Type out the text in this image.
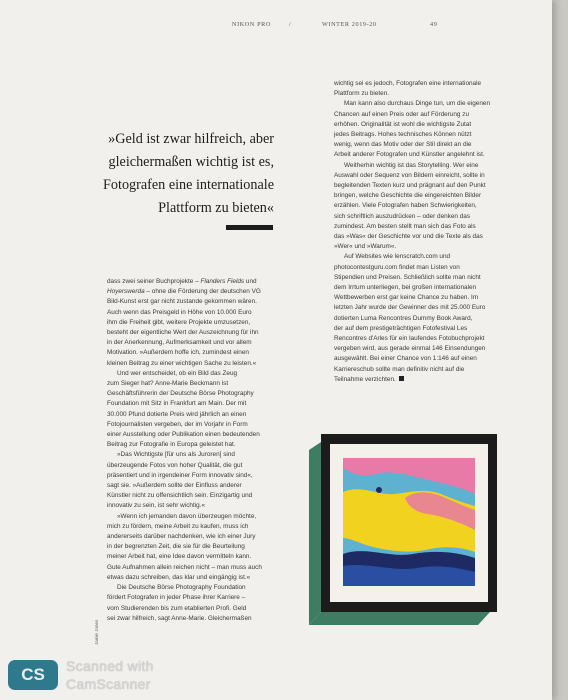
NIKON PRO	/	WINTER 2019-20	49
»Geld ist zwar hilfreich, aber
gleichermaßen wichtig ist es,
Fotografen eine internationale
Plattform zu bieten«

dass zwei seiner Buchprojekte – Flanders Fields und
Hoyerswerda – ohne die Förderung der deutschen VG
Bild-Kunst erst gar nicht zustande gekommen wären.
Auch wenn das Preisgeld in Höhe von 10.000 Euro
ihm die Freiheit gibt, weitere Projekte umzusetzen,
besteht der eigentliche Wert der Auszeichnung für ihn
in der Anerkennung, Aufmerksamkeit und vor allem
Motivation. »Außerdem hoffe ich, zumindest einen
kleinen Beitrag zu einer wichtigen Sache zu leisten.«

Und wer entscheidet, ob ein Bild das Zeug
zum Sieger hat? Anne-Marie Beckmann ist
Geschäftsführerin der Deutsche Börse Photography
Foundation mit Sitz in Frankfurt am Main. Der mit
30.000 Pfund dotierte Preis wird jährlich an einen
Fotojournalisten vergeben, der im Vorjahr in Form
einer Ausstellung oder Publikation einen bedeutenden
Beitrag zur Fotografie in Europa geleistet hat.

»Das Wichtigste [für uns als Juroren] sind
überzeugende Fotos von hoher Qualität, die gut
präsentiert und in irgendeiner Form innovativ sind«,
sagt sie. »Außerdem sollte der Einfluss anderer
Künstler nicht zu offensichtlich sein. Einzigartig und
innovativ zu sein, ist sehr wichtig.«

»Wenn ich jemanden davon überzeugen möchte,
mich zu fördern, meine Arbeit zu kaufen, muss ich
andererseits darüber nachdenken, wie ich einer Jury
in der begrenzten Zeit, die sie für die Beurteilung
meiner Arbeit hat, eine Idee davon vermitteln kann.
Gute Aufnahmen allein reichen nicht – man muss auch
etwas dazu schreiben, das klar und eingängig ist.«

Die Deutsche Börse Photography Foundation
fördert Fotografen in jeder Phase ihrer Karriere –
vom Studierenden bis zum etablierten Profi. Geld
sei zwar hilfreich, sagt Anne-Marie. Gleichermaßen

wichtig sei es jedoch, Fotografen eine internationale
Plattform zu bieten.

Man kann also durchaus Dinge tun, um die eigenen
Chancen auf einen Preis oder auf Förderung zu
erhöhen. Originalität ist wohl die wichtigste Zutat
jedes Beitrags. Hohes technisches Können nützt
wenig, wenn das Motiv oder der Stil direkt an die
Arbeit anderer Fotografen und Künstler angelehnt ist.

Weitherhin wichtig ist das Storytelling. Wer eine
Auswahl oder Sequenz von Bildern einreicht, sollte in
begleitenden Texten kurz und prägnant auf den Punkt
bringen, welche Geschichte die eingereichten Bilder
erzählen. Viele Fotografen haben Schwierigkeiten,
sich schriftlich auszudrücken – oder denken das
zumindest. Am besten stellt man sich das Foto als
das »Was« der Geschichte vor und die Texte als das
»Wer« und »Warum«.

Auf Websites wie lenscratch.com und
photocontestguru.com findet man Listen von
Stipendien und Preisen. Schließlich sollte man nicht
dem Irrtum unterliegen, bei großen internationalen
Wettbewerben erst gar keine Chance zu haben. Im
letzten Jahr wurde der Gewinner des mit 25.000 Euro
dotierten Luma Rencontres Dummy Book Award,
der auf dem prestigeträchtigen Fotofestival Les
Rencontres d'Arles für ein laufendes Fotobuchprojekt
vergeben wird, aus gerade einmal 146 Einsendungen
ausgewählt. Bei einer Chance von 1:146 auf einen
Karriereschub sollte man definitiv nicht auf die
Teilnahme verzichten.

Jamie Jones
CS	Scanned with
CamScanner
